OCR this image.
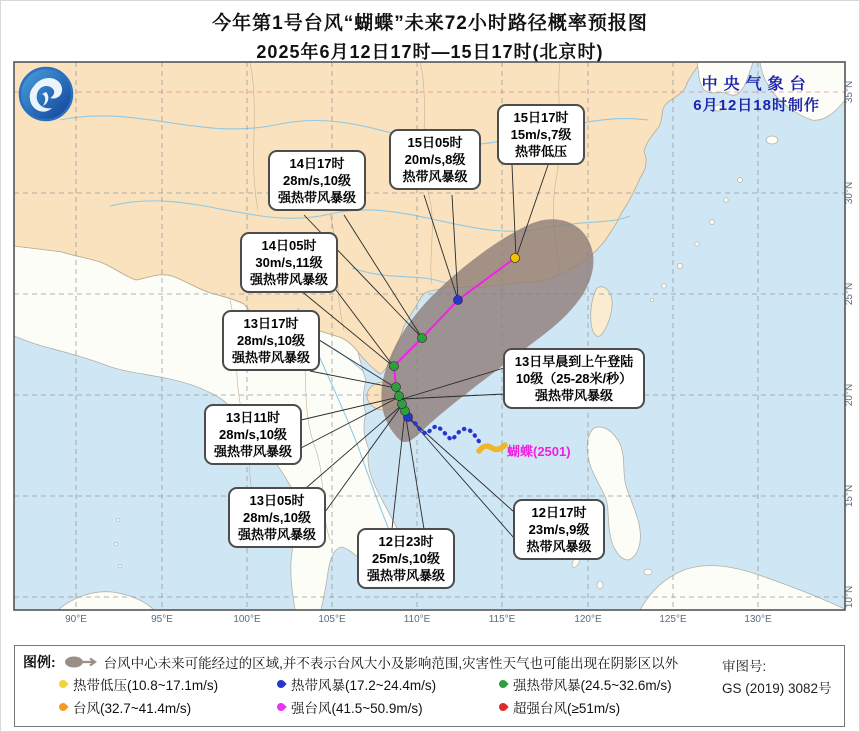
今年第1号台风“蝴蝶”未来72小时路径概率预报图
2025年6月12日17时—15日17时(北京时)
90°E	95°E	100°E	105°E	110°E	115°E	120°E	125°E	130°E
35°N
30°N
25°N
20°N
15°N
10°N
中央气象台
6月12日18时制作
蝴蝶(2501)
15日17时
15m/s,7级
热带低压
15日05时
20m/s,8级
热带风暴级
14日17时
28m/s,10级
强热带风暴级
14日05时
30m/s,11级
强热带风暴级
13日17时
28m/s,10级
强热带风暴级
13日11时
28m/s,10级
强热带风暴级
13日05时
28m/s,10级
强热带风暴级	12日23时
25m/s,10级
强热带风暴级
12日17时
23m/s,9级
热带风暴级
13日早晨到上午登陆
10级（25-28米/秒）
强热带风暴级
图例:	台风中心未来可能经过的区域,并不表示台风大小及影响范围,灾害性天气也可能出现在阴影区以外
热带低压(10.8~17.1m/s)	热带风暴(17.2~24.4m/s)	强热带风暴(24.5~32.6m/s)
台风(32.7~41.4m/s)	强台风(41.5~50.9m/s)	超强台风(≥51m/s)
审图号:
GS (2019) 3082号
